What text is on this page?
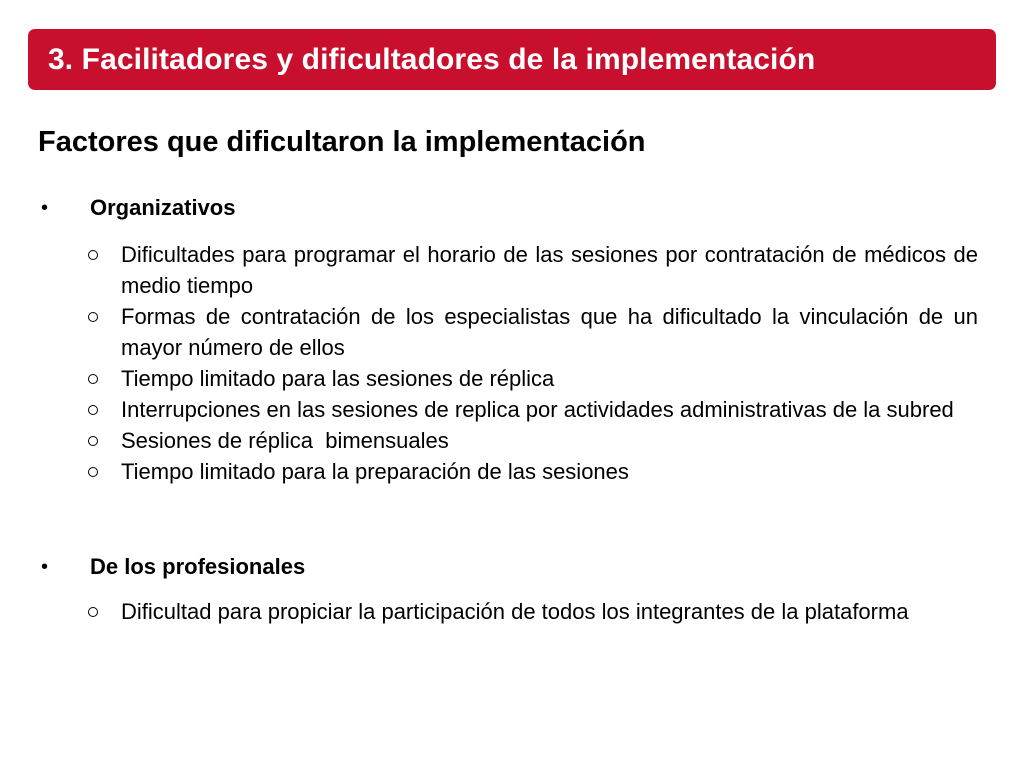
3. Facilitadores y dificultadores de la implementación
Factores que dificultaron la implementación
• Organizativos
Dificultades para programar el horario de las sesiones por contratación de médicos de medio tiempo
Formas de contratación de los especialistas que ha dificultado la vinculación de un mayor número de ellos
Tiempo limitado para las sesiones de réplica
Interrupciones en las sesiones de replica por actividades administrativas de la subred
Sesiones de réplica  bimensuales
Tiempo limitado para la preparación de las sesiones
• De los profesionales
Dificultad para propiciar la participación de todos los integrantes de la plataforma
